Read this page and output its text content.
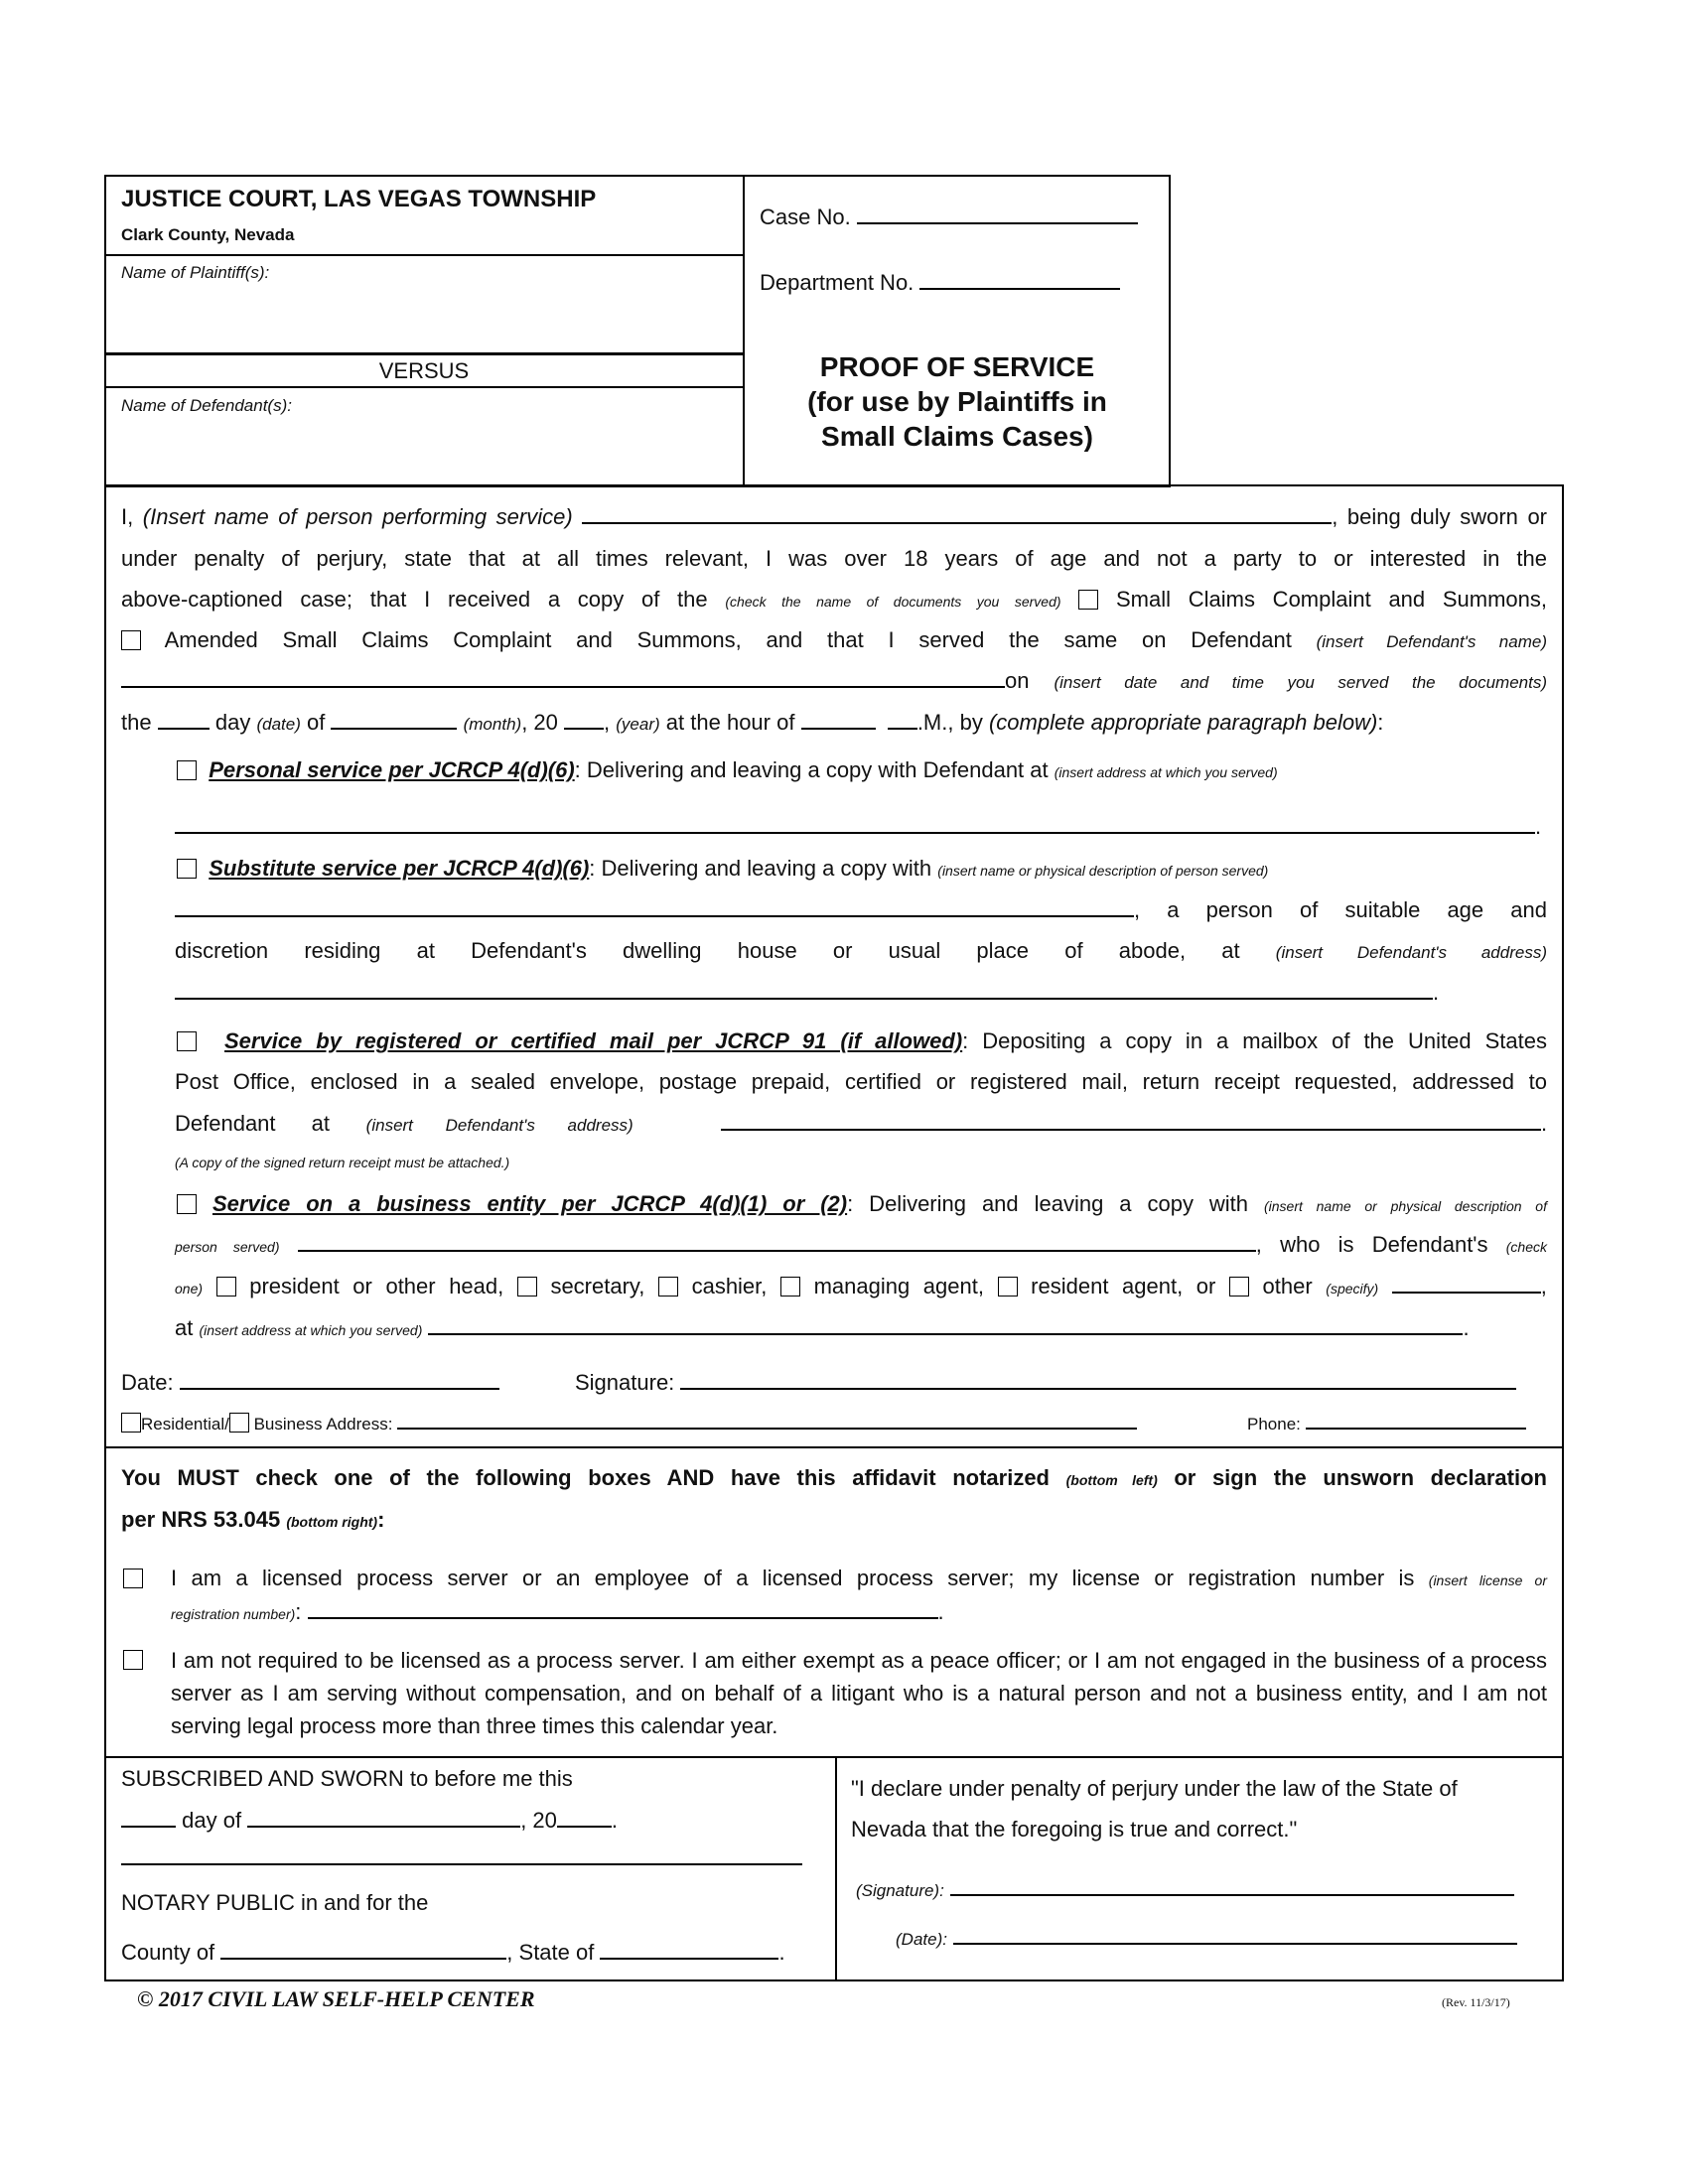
JUSTICE COURT, LAS VEGAS TOWNSHIP
Clark County, Nevada
Name of Plaintiff(s):
VERSUS
Name of Defendant(s):
Case No.
Department No.
PROOF OF SERVICE
(for use by Plaintiffs in
Small Claims Cases)
I, (Insert name of person performing service)	, being duly sworn or
under penalty of perjury, state that at all times relevant, I was over 18 years of age and not a party to or interested in the
above-captioned case; that I received a copy of the (check the name of documents you served)	Small Claims Complaint and Summons,
Amended Small Claims Complaint and Summons, and that I served the same on Defendant (insert Defendant's name)
on (insert date and time you served the documents)
the	day (date) of	(month), 20 , (year) at the hour of	.M., by (complete appropriate paragraph below):
Personal service per JCRCP 4(d)(6): Delivering and leaving a copy with Defendant at (insert address at which you served)
.
Substitute service per JCRCP 4(d)(6): Delivering and leaving a copy with (insert name or physical description of person served)
, a person of suitable age and
discretion residing at Defendant's dwelling house or usual place of abode, at (insert Defendant's address)
.
Service by registered or certified mail per JCRCP 91 (if allowed): Depositing a copy in a mailbox of the United States
Post Office, enclosed in a sealed envelope, postage prepaid, certified or registered mail, return receipt requested, addressed to
Defendant at (insert Defendant's address)	.
(A copy of the signed return receipt must be attached.)
Service on a business entity per JCRCP 4(d)(1) or (2): Delivering and leaving a copy with (insert name or physical description of
person served)	, who is Defendant's (check
one) president or other head, secretary, cashier, managing agent, resident agent, or other (specify)	,
at (insert address at which you served)	.
Date:	Signature:
Residential/ Business Address:	Phone:
You MUST check one of the following boxes AND have this affidavit notarized (bottom left) or sign the unsworn declaration
per NRS 53.045 (bottom right):
I am a licensed process server or an employee of a licensed process server; my license or registration number is (insert license or
registration number):	.
I am not required to be licensed as a process server. I am either exempt as a peace officer; or I am not engaged in the business of a process server as I am serving without compensation, and on behalf of a litigant who is a natural person and not a business entity, and I am not serving legal process more than three times this calendar year.
SUBSCRIBED AND SWORN to before me this
day of	, 20	.
NOTARY PUBLIC in and for the
County of	, State of	.
"I declare under penalty of perjury under the law of the State of
Nevada that the foregoing is true and correct."
(Signature):
(Date):
© 2017 CIVIL LAW SELF-HELP CENTER	(Rev. 11/3/17)
